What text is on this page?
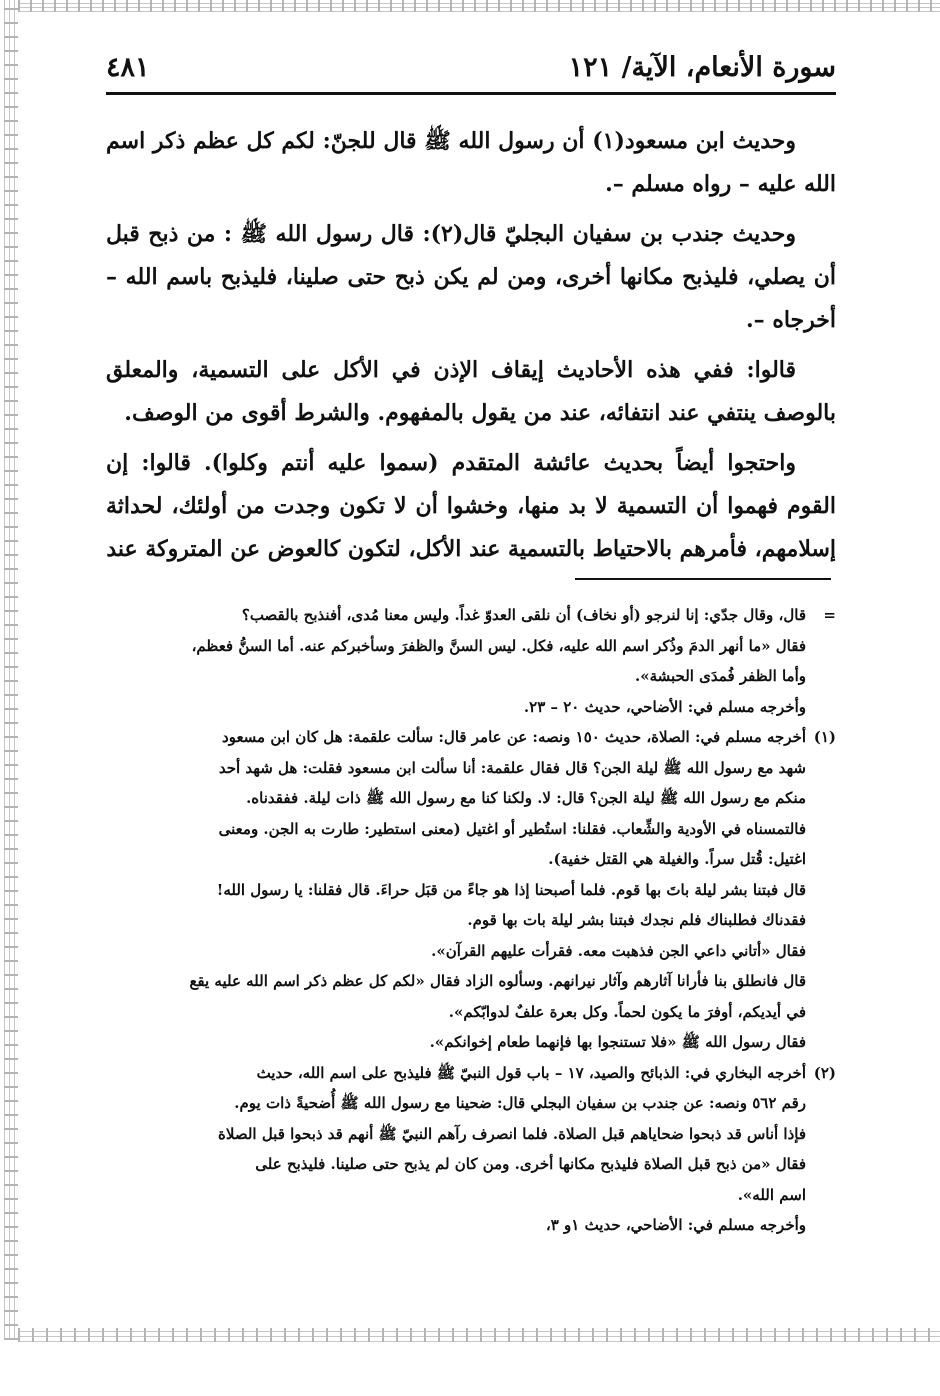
سورة الأنعام، الآية/ ١٢١
٤٨١

وحديث ابن مسعود(١) أن رسول الله ﷺ قال للجنّ: لكم كل عظم ذكر اسم الله عليه – رواه مسلم –.

وحديث جندب بن سفيان البجليّ قال(٢): قال رسول الله ﷺ : من ذبح قبل أن يصلي، فليذبح مكانها أخرى، ومن لم يكن ذبح حتى صلينا، فليذبح باسم الله – أخرجاه –.

قالوا: ففي هذه الأحاديث إيقاف الإذن في الأكل على التسمية، والمعلق بالوصف ينتفي عند انتفائه، عند من يقول بالمفهوم. والشرط أقوى من الوصف.

واحتجوا أيضاً بحديث عائشة المتقدم (سموا عليه أنتم وكلوا). قالوا: إن القوم فهموا أن التسمية لا بد منها، وخشوا أن لا تكون وجدت من أولئك، لحداثة إسلامهم، فأمرهم بالاحتياط بالتسمية عند الأكل، لتكون كالعوض عن المتروكة عند

=

قال، وقال جدّي: إنا لنرجو (أو نخاف) أن نلقى العدوّ غداً. وليس معنا مُدى، أفنذبح بالقصب؟

فقال «ما أنهر الدمَ وذُكر اسم الله عليه، فكل. ليس السنَّ والظفرَ وسأخبركم عنه. أما السنُّ فعظم،

وأما الظفر فُمدَى الحبشة».

وأخرجه مسلم في: الأضاحي، حديث ٢٠ – ٢٣.

(١)

أخرجه مسلم في: الصلاة، حديث ١٥٠ ونصه: عن عامر قال: سألت علقمة: هل كان ابن مسعود

شهد مع رسول الله ﷺ ليلة الجن؟ قال فقال علقمة: أنا سألت ابن مسعود فقلت: هل شهد أحد

منكم مع رسول الله ﷺ ليلة الجن؟ قال: لا. ولكنا كنا مع رسول الله ﷺ ذات ليلة. ففقدناه.

فالتمسناه في الأودية والشِّعاب. فقلنا: استُطير أو اغتيل (معنى استطير: طارت به الجن. ومعنى

اغتيل: قُتل سراً. والغيلة هي القتل خفية).

قال فبتنا بشر ليلة باتَ بها قوم. فلما أصبحنا إذا هو جاءً من قبَل حراءَ. قال فقلنا: يا رسول الله!

فقدناك فطلبناك فلم نجدك فبتنا بشر ليلة بات بها قوم.

فقال «أتاني داعي الجن فذهبت معه. فقرأت عليهم القرآن».

قال فانطلق بنا فأرانا آثارهم وآثار نيرانهم. وسألوه الزاد فقال «لكم كل عظم ذكر اسم الله عليه يقع

في أيديكم، أوفرَ ما يكون لحماً. وكل بعرة علفٌ لدوابّكم».

فقال رسول الله ﷺ «فلا تستنجوا بها فإنهما طعام إخوانكم».

(٢)

أخرجه البخاري في: الذبائح والصيد، ١٧ – باب قول النبيّ ﷺ فليذبح على اسم الله، حديث

رقم ٥٦٢ ونصه: عن جندب بن سفيان البجلي قال: ضحينا مع رسول الله ﷺ أُضحيةً ذات يوم.

فإذا أناس قد ذبحوا ضحاياهم قبل الصلاة. فلما انصرف رآهم النبيّ ﷺ أنهم قد ذبحوا قبل الصلاة

فقال «من ذبح قبل الصلاة فليذبح مكانها أخرى. ومن كان لم يذبح حتى صلينا. فليذبح على

اسم الله».

وأخرجه مسلم في: الأضاحي، حديث ١و ٣،
